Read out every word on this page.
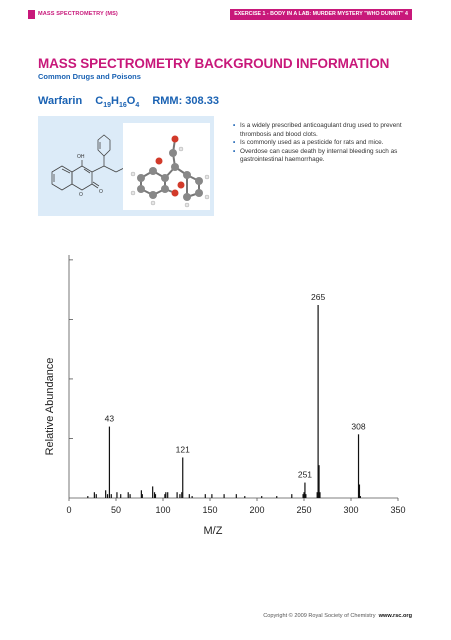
MASS SPECTROMETRY (MS)	EXERCISE 1 - BODY IN A LAB: MURDER MYSTERY "WHO DUNNIT" 4
MASS SPECTROMETRY BACKGROUND INFORMATION
Common Drugs and Poisons
Warfarin $C_{19}H_{16}O_4$ RMM: 308.33
OH
O	O
O
• Is a widely prescribed anticoagulant drug used to prevent thrombosis and blood clots.
• Is commonly used as a pesticide for rats and mice.
• Overdose can cause death by internal bleeding such as gastrointestinal haemorrhage.
43
121
251
265
308
0	50	100	150	200	250	300	350
M/Z
Relative Abundance
Copyright © 2009 Royal Society of Chemistry www.rsc.org
